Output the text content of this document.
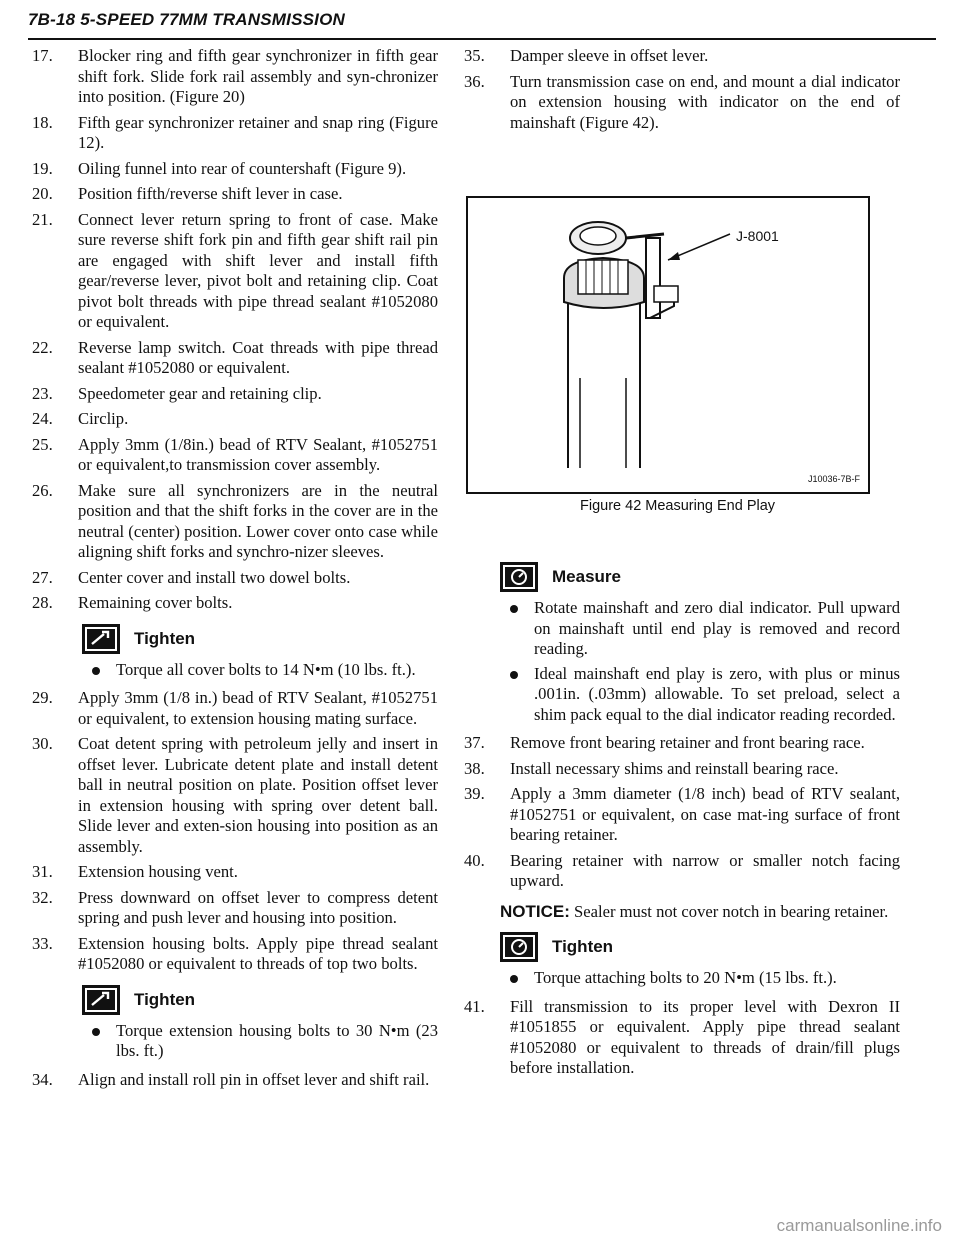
7B-18 5-SPEED 77MM TRANSMISSION
17.	Blocker ring and fifth gear synchronizer in fifth gear shift fork. Slide fork rail assembly and syn-chronizer into position. (Figure 20)
18.	Fifth gear synchronizer retainer and snap ring (Figure 12).
19.	Oiling funnel into rear of countershaft (Figure 9).
20.	Position fifth/reverse shift lever in case.
21.	Connect lever return spring to front of case. Make sure reverse shift fork pin and fifth gear shift rail pin are engaged with shift lever and install fifth gear/reverse lever, pivot bolt and retaining clip. Coat pivot bolt threads with pipe thread sealant #1052080 or equivalent.
22.	Reverse lamp switch. Coat threads with pipe thread sealant #1052080 or equivalent.
23.	Speedometer gear and retaining clip.
24.	Circlip.
25.	Apply 3mm (1/8in.) bead of RTV Sealant, #1052751 or equivalent,to transmission cover assembly.
26.	Make sure all synchronizers are in the neutral position and that the shift forks in the cover are in the neutral (center) position. Lower cover onto case while aligning shift forks and synchro-nizer sleeves.
27.	Center cover and install two dowel bolts.
28.	Remaining cover bolts.
Tighten
Torque all cover bolts to 14 N•m (10 lbs. ft.).
29.	Apply 3mm (1/8 in.) bead of RTV Sealant, #1052751 or equivalent, to extension housing mating surface.
30.	Coat detent spring with petroleum jelly and insert in offset lever. Lubricate detent plate and install detent ball in neutral position on plate. Position offset lever in extension housing with spring over detent ball. Slide lever and exten-sion housing into position as an assembly.
31.	Extension housing vent.
32.	Press downward on offset lever to compress detent spring and push lever and housing into position.
33.	Extension housing bolts. Apply pipe thread sealant #1052080 or equivalent to threads of top two bolts.
Tighten
Torque extension housing bolts to 30 N•m (23 lbs. ft.)
34.	Align and install roll pin in offset lever and shift rail.
35.	Damper sleeve in offset lever.
36.	Turn transmission case on end, and mount a dial indicator on extension housing with indicator on the end of mainshaft (Figure 42).
J-8001
J10036-7B-F
Figure 42 Measuring End Play
Measure
Rotate mainshaft and zero dial indicator. Pull upward on mainshaft until end play is removed and record reading.
Ideal mainshaft end play is zero, with plus or minus .001in. (.03mm) allowable. To set preload, select a shim pack equal to the dial indicator reading recorded.
37.	Remove front bearing retainer and front bearing race.
38.	Install necessary shims and reinstall bearing race.
39.	Apply a 3mm diameter (1/8 inch) bead of RTV sealant, #1052751 or equivalent, on case mat-ing surface of front bearing retainer.
40.	Bearing retainer with narrow or smaller notch facing upward.
NOTICE: Sealer must not cover notch in bearing retainer.
Tighten
Torque attaching bolts to 20 N•m (15 lbs. ft.).
41.	Fill transmission to its proper level with Dexron II #1051855 or equivalent. Apply pipe thread sealant #1052080 or equivalent to threads of drain/fill plugs before installation.
carmanualsonline.info
